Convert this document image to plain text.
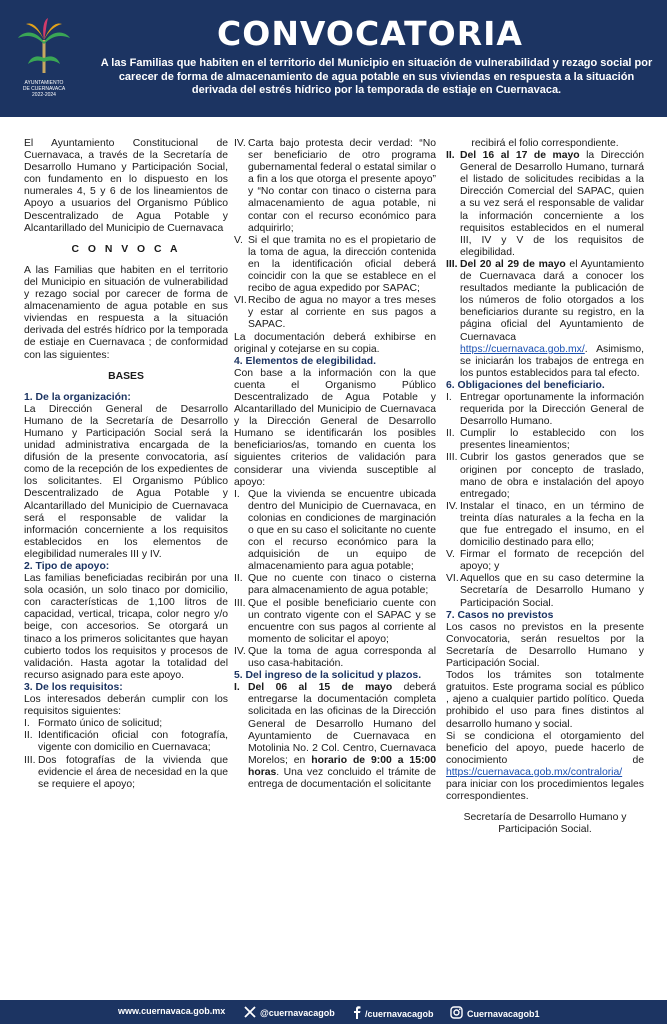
AYUNTAMIENTO
DE CUERNAVACA
2022-2024
CONVOCATORIA
A las Familias que habiten en el territorio del Municipio en situación de vulnerabilidad y rezago social por carecer de forma de almacenamiento de agua potable en sus viviendas en respuesta a la situación derivada del estrés hídrico por la temporada de estiaje en Cuernavaca.

El Ayuntamiento Constitucional de Cuernavaca, a través de la Secretaría de Desarrollo Humano y Participación Social, con fundamento en lo dispuesto en los numerales 4, 5 y 6 de los lineamientos de Apoyo a usuarios del Organismo Público Descentralizado de Agua Potable y Alcantarillado del Municipio de Cuernavaca

C O N V O C A

A las Familias que habiten en el territorio del Municipio en situación de vulnerabilidad y rezago social por carecer de forma de almacenamiento de agua potable en sus viviendas en respuesta a la situación derivada del estrés hídrico por la temporada de estiaje en Cuernavaca ; de conformidad con las siguientes:

BASES

1. De la organización:

La Dirección General de Desarrollo Humano de la Secretaría de Desarrollo Humano y Participación Social será la unidad administrativa encargada de la difusión de la presente convocatoria, así como de la recepción de los expedientes de los solicitantes. El Organismo Público Descentralizado de Agua Potable y Alcantarillado del Municipio de Cuernavaca será el responsable de validar la información concerniente a los requisitos establecidos en los elementos de elegibilidad numerales III y IV.

2. Tipo de apoyo:

Las familias beneficiadas recibirán por una sola ocasión, un solo tinaco por domicilio, con características de 1,100 litros de capacidad, vertical, tricapa, color negro y/o beige, con accesorios. Se otorgará un tinaco a los primeros solicitantes que hayan cubierto todos los requisitos y procesos de validación. Hasta agotar la totalidad del recurso asignado para este apoyo.

3. De los requisitos:

Los interesados deberán cumplir con los requisitos siguientes:

I. Formato único de solicitud;
II. Identificación oficial con fotografía, vigente con domicilio en Cuernavaca;
III. Dos fotografías de la vivienda que evidencie el área de necesidad en la que se requiere el apoyo;
IV. Carta bajo protesta decir verdad: “No ser beneficiario de otro programa gubernamental federal o estatal similar o a fin a los que otorga el presente apoyo” y “No contar con tinaco o cisterna para almacenamiento de agua potable, ni contar con el recurso económico para adquirirlo;
V. Si el que tramita no es el propietario de la toma de agua, la dirección contenida en la identificación oficial deberá coincidir con la que se establece en el recibo de agua expedido por SAPAC;
VI. Recibo de agua no mayor a tres meses y estar al corriente en sus pagos a SAPAC.

La documentación deberá exhibirse en original y cotejarse en su copia.

4. Elementos de elegibilidad.

Con base a la información con la que cuenta el Organismo Público Descentralizado de Agua Potable y Alcantarillado del Municipio de Cuernavaca y la Dirección General de Desarrollo Humano se identificarán los posibles beneficiarios/as, tomando en cuenta los siguientes criterios de validación para considerar una vivienda susceptible al apoyo:

I. Que la vivienda se encuentre ubicada dentro del Municipio de Cuernavaca, en colonias en condiciones de marginación o que en su caso el solicitante no cuente con el recurso económico para la adquisición de un equipo de almacenamiento para agua potable;
II. Que no cuente con tinaco o cisterna para almacenamiento de agua potable;
III. Que el posible beneficiario cuente con un contrato vigente con el SAPAC y se encuentre con sus pagos al corriente al momento de solicitar el apoyo;
IV. Que la toma de agua corresponda al uso casa-habitación.

5. Del ingreso de la solicitud y plazos.

I. Del 06 al 15 de mayo deberá entregarse la documentación completa solicitada en las oficinas de la Dirección General de Desarrollo Humano del Ayuntamiento de Cuernavaca en Motolinia No. 2 Col. Centro, Cuernavaca Morelos; en horario de 9:00 a 15:00 horas. Una vez concluido el trámite de entrega de documentación el solicitante

recibirá el folio correspondiente.

II. Del 16 al 17 de mayo la Dirección General de Desarrollo Humano, turnará el listado de solicitudes recibidas a la Dirección Comercial del SAPAC, quien a su vez será el responsable de validar la información concerniente a los requisitos establecidos en el numeral III, IV y V de los requisitos de elegibilidad.
III. Del 20 al 29 de mayo el Ayuntamiento de Cuernavaca dará a conocer los resultados mediante la publicación de los números de folio otorgados a los beneficiarios durante su registro, en la página oficial del Ayuntamiento de Cuernavaca https://cuernavaca.gob.mx/. Asimismo, se iniciarán los trabajos de entrega en los puntos establecidos para tal efecto.

6. Obligaciones del beneficiario.

I. Entregar oportunamente la información requerida por la Dirección General de Desarrollo Humano.
II. Cumplir lo establecido con los presentes lineamientos;
III. Cubrir los gastos generados que se originen por concepto de traslado, mano de obra e instalación del apoyo entregado;
IV. Instalar el tinaco, en un término de treinta días naturales a la fecha en la que fue entregado el insumo, en el domicilio destinado para ello;
V. Firmar el formato de recepción del apoyo; y
VI. Aquellos que en su caso determine la Secretaría de Desarrollo Humano y Participación Social.

7. Casos no previstos

Los casos no previstos en la presente Convocatoria, serán resueltos por la Secretaría de Desarrollo Humano y Participación Social.

Todos los trámites son totalmente gratuitos. Este programa social es público , ajeno a cualquier partido político. Queda prohibido el uso para fines distintos al desarrollo humano y social.

Si se condiciona el otorgamiento del beneficio del apoyo, puede hacerlo de conocimiento de https://cuernavaca.gob.mx/contraloria/ para iniciar con los procedimientos legales correspondientes.

Secretaría de Desarrollo Humano y Participación Social.

www.cuernavaca.gob.mx	@cuernavacagob	/cuernavacagob	Cuernavacagob1
